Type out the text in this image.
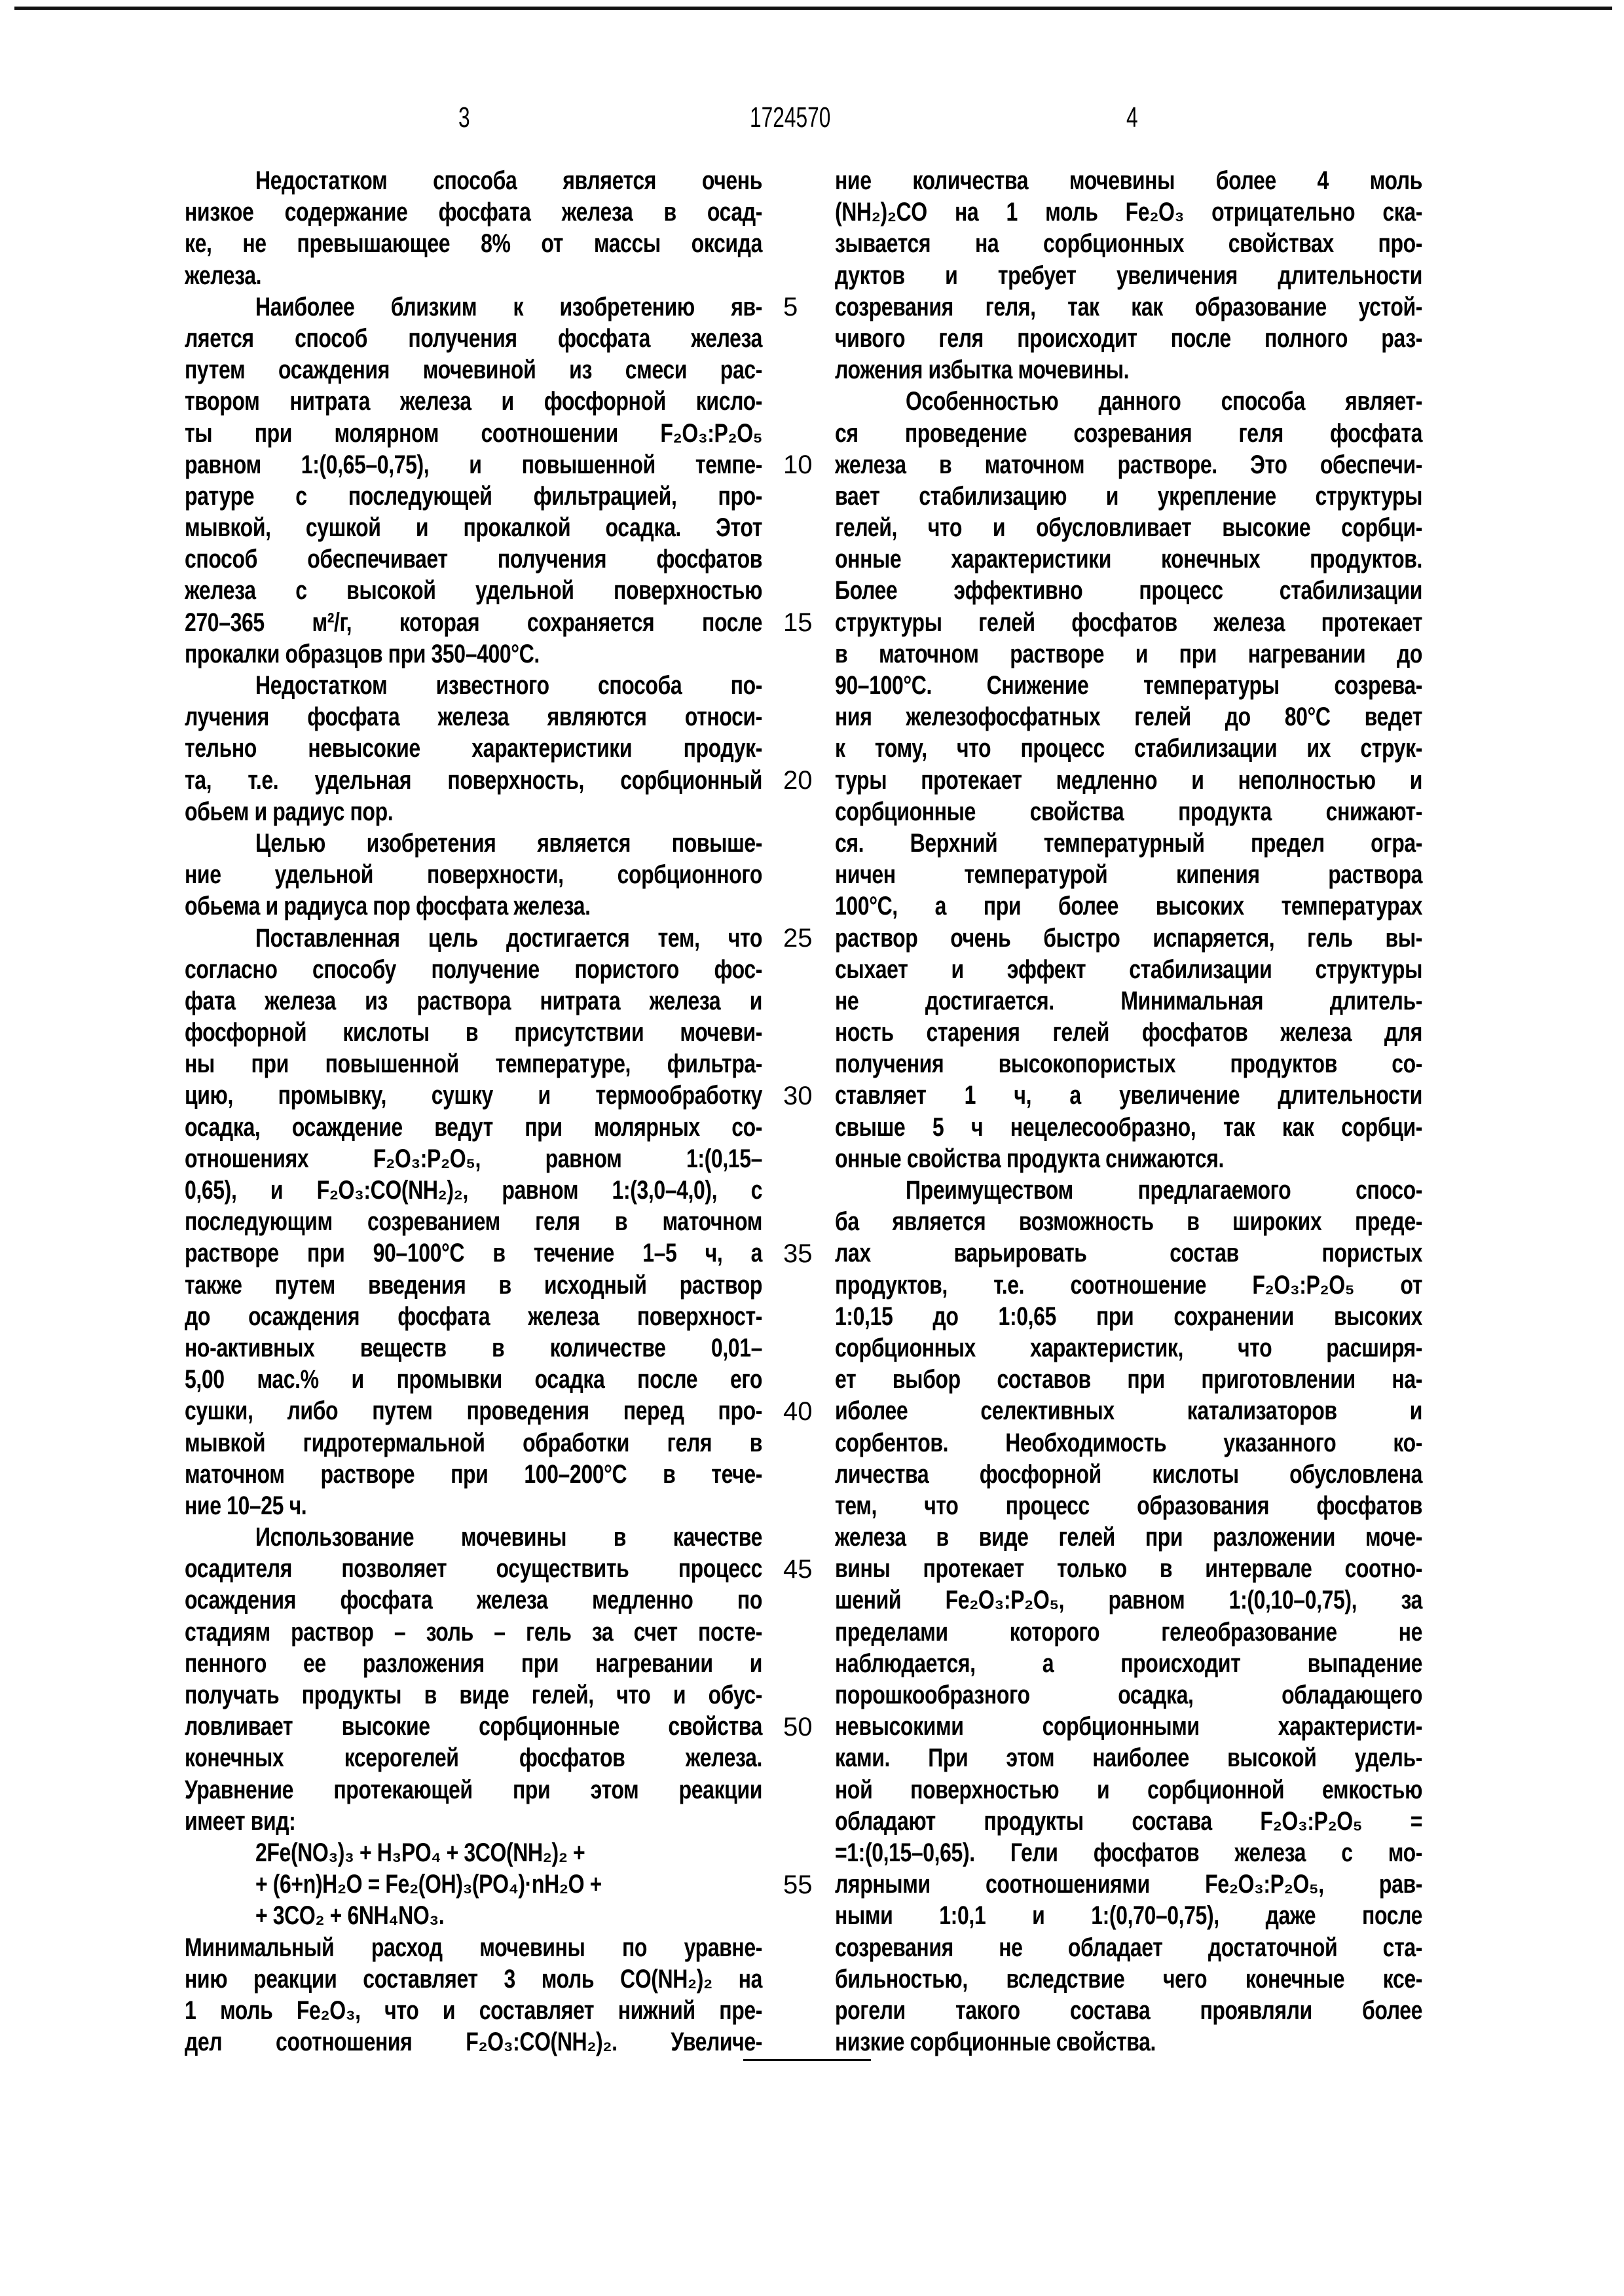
3	1724570	4
Недостатком способа является очень
низкое содержание фосфата железа в осад-
ке, не превышающее 8% от массы оксида
железа.
Наиболее близким к изобретению яв-
ляется способ получения фосфата железа
путем осаждения мочевиной из смеси рас-
твором нитрата железа и фосфорной кисло-
ты при молярном соотношении F₂O₃:P₂O₅
равном 1:(0,65–0,75), и повышенной темпе-
ратуре с последующей фильтрацией, про-
мывкой, сушкой и прокалкой осадка. Этот
способ обеспечивает получения фосфатов
железа с высокой удельной поверхностью
270–365 м²/г, которая сохраняется после
прокалки образцов при 350–400°С.
Недостатком известного способа по-
лучения фосфата железа являются относи-
тельно невысокие характеристики продук-
та, т.е. удельная поверхность, сорбционный
обьем и радиус пор.
Целью изобретения является повыше-
ние удельной поверхности, сорбционного
обьема и радиуса пор фосфата железа.
Поставленная цель достигается тем, что
согласно способу получение пористого фос-
фата железа из раствора нитрата железа и
фосфорной кислоты в присутствии мочеви-
ны при повышенной температуре, фильтра-
цию, промывку, сушку и термообработку
осадка, осаждение ведут при молярных со-
отношениях F₂O₃:P₂O₅, равном 1:(0,15–
0,65), и F₂O₃:CO(NH₂)₂, равном 1:(3,0–4,0), с
последующим созреванием геля в маточном
растворе при 90–100°С в течение 1–5 ч, а
также путем введения в исходный раствор
до осаждения фосфата железа поверхност-
но-активных веществ в количестве 0,01–
5,00 мас.% и промывки осадка после его
сушки, либо путем проведения перед про-
мывкой гидротермальной обработки геля в
маточном растворе при 100–200°С в тече-
ние 10–25 ч.
Использование мочевины в качестве
осадителя позволяет осуществить процесс
осаждения фосфата железа медленно по
стадиям раствор – золь – гель за счет посте-
пенного ее разложения при нагревании и
получать продукты в виде гелей, что и обус-
ловливает высокие сорбционные свойства
конечных ксерогелей фосфатов железа.
Уравнение протекающей при этом реакции
имеет вид:
2Fe(NO₃)₃ + H₃PO₄ + 3CO(NH₂)₂ +
+ (6+n)H₂O = Fe₂(OH)₃(PO₄)·nH₂O +
+ 3CO₂ + 6NH₄NO₃.
Минимальный расход мочевины по уравне-
нию реакции составляет 3 моль CO(NH₂)₂ на
1 моль Fe₂O₃, что и составляет нижний пре-
дел соотношения F₂O₃:CO(NH₂)₂. Увеличе-
5
10
15
20
25
30
35
40
45
50
55
ние количества мочевины более 4 моль
(NH₂)₂CO на 1 моль Fe₂O₃ отрицательно ска-
зывается на сорбционных свойствах про-
дуктов и требует увеличения длительности
созревания геля, так как образование устой-
чивого геля происходит после полного раз-
ложения избытка мочевины.
Особенностью данного способа являет-
ся проведение созревания геля фосфата
железа в маточном растворе. Это обеспечи-
вает стабилизацию и укрепление структуры
гелей, что и обусловливает высокие сорбци-
онные характеристики конечных продуктов.
Более эффективно процесс стабилизации
структуры гелей фосфатов железа протекает
в маточном растворе и при нагревании до
90–100°С. Снижение температуры созрева-
ния железофосфатных гелей до 80°С ведет
к тому, что процесс стабилизации их струк-
туры протекает медленно и неполностью и
сорбционные свойства продукта снижают-
ся. Верхний температурный предел огра-
ничен температурой кипения раствора
100°С, а при более высоких температурах
раствор очень быстро испаряется, гель вы-
сыхает и эффект стабилизации структуры
не достигается. Минимальная длитель-
ность старения гелей фосфатов железа для
получения высокопористых продуктов со-
ставляет 1 ч, а увеличение длительности
свыше 5 ч нецелесообразно, так как сорбци-
онные свойства продукта снижаются.
Преимуществом предлагаемого спосо-
ба является возможность в широких преде-
лах варьировать состав пористых
продуктов, т.е. соотношение F₂O₃:P₂O₅ от
1:0,15 до 1:0,65 при сохранении высоких
сорбционных характеристик, что расширя-
ет выбор составов при приготовлении на-
иболее селективных катализаторов и
сорбентов. Необходимость указанного ко-
личества фосфорной кислоты обусловлена
тем, что процесс образования фосфатов
железа в виде гелей при разложении моче-
вины протекает только в интервале соотно-
шений Fe₂O₃:P₂O₅, равном 1:(0,10–0,75), за
пределами которого гелеобразование не
наблюдается, а происходит выпадение
порошкообразного осадка, обладающего
невысокими сорбционными характеристи-
ками. При этом наиболее высокой удель-
ной поверхностью и сорбционной емкостью
обладают продукты состава F₂O₃:P₂O₅ =
=1:(0,15–0,65). Гели фосфатов железа с мо-
лярными соотношениями Fe₂O₃:P₂O₅, рав-
ными 1:0,1 и 1:(0,70–0,75), даже после
созревания не обладает достаточной ста-
бильностью, вследствие чего конечные ксе-
рогели такого состава проявляли более
низкие сорбционные свойства.
